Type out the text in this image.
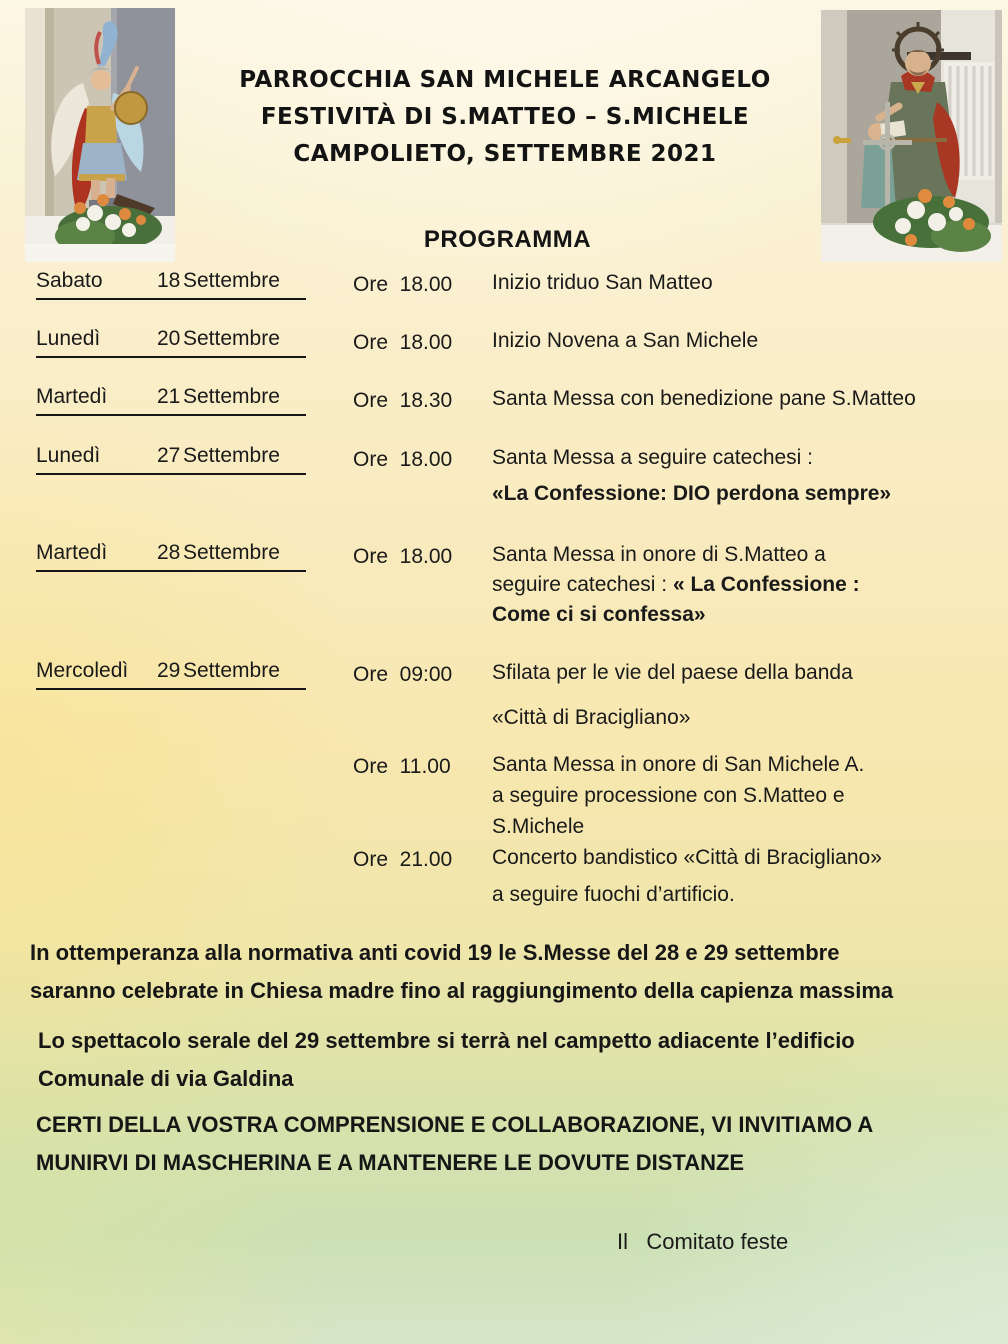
PARROCCHIA SAN MICHELE ARCANGELO
FESTIVITÀ DI S.MATTEO – S.MICHELE
CAMPOLIETO, SETTEMBRE 2021
PROGRAMMA
Sabato	18 Settembre	Ore  18.00 Inizio triduo San Matteo
Lunedì	20 Settembre	Ore  18.00 Inizio Novena a San Michele
Martedì 21 Settembre	Ore  18.30 Santa Messa con benedizione pane S.Matteo
Lunedì	27 Settembre	Ore  18.00 Santa Messa a seguire catechesi :
«La Confessione: DIO perdona sempre»
Martedì 28 Settembre	Ore  18.00 Santa Messa in onore di S.Matteo a
seguire catechesi : « La Confessione :
Come ci si confessa»
Mercoledì 29 Settembre	Ore  09:00 Sfilata per le vie del paese della banda
«Città di Bracigliano»
Ore  11.00 Santa Messa in onore di San Michele A.
a seguire processione con S.Matteo e
S.Michele
Ore  21.00 Concerto bandistico «Città di Bracigliano»
a seguire fuochi d’artificio.
In ottemperanza alla normativa anti covid 19 le S.Messe del 28 e 29 settembre
saranno celebrate in Chiesa madre fino al raggiungimento della capienza massima
Lo spettacolo serale del 29 settembre si terrà nel campetto adiacente l’edificio
Comunale di via Galdina
CERTI DELLA VOSTRA COMPRENSIONE E COLLABORAZIONE, VI INVITIAMO A
MUNIRVI DI MASCHERINA E A MANTENERE LE DOVUTE DISTANZE
Il   Comitato feste
